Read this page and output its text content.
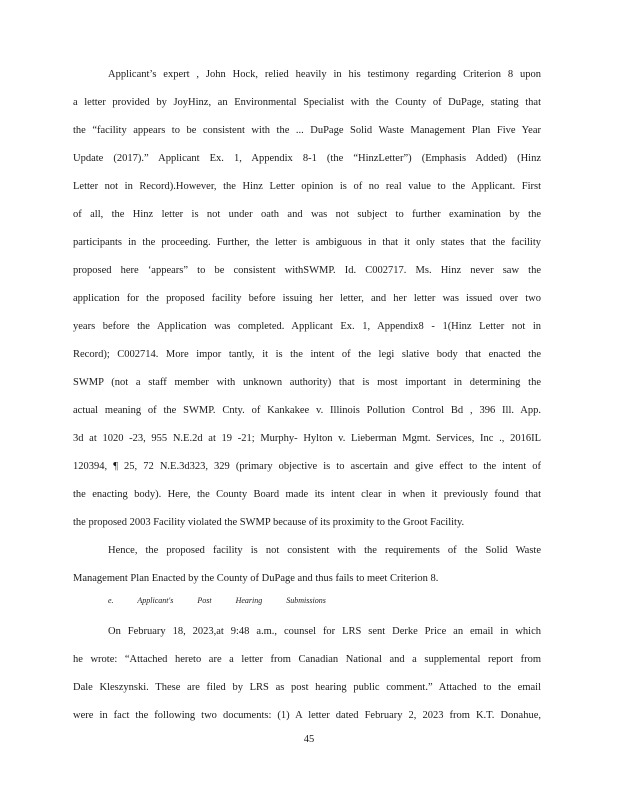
Applicant’s expert , John Hock, relied heavily in his testimony regarding Criterion 8 upon
a letter provided by JoyHinz, an Environmental Specialist with the County of DuPage, stating that
the “facility appears to be consistent with the ... DuPage Solid Waste Management Plan Five Year
Update (2017).” Applicant Ex. 1, Appendix 8-1 (the “HinzLetter”) (Emphasis Added) (Hinz
Letter not in Record).However, the Hinz Letter opinion is of no real value to the Applicant. First
of all, the Hinz letter is not under oath and was not subject to further examination by the
participants in the proceeding. Further, the letter is ambiguous in that it only states that the facility
proposed here ‘appears” to be consistent withSWMP. Id. C002717. Ms. Hinz never saw the
application for the proposed facility before issuing her letter, and her letter was issued over two
years before the Application was completed. Applicant Ex. 1, Appendix8 - 1(Hinz Letter not in
Record); C002714. More impor tantly, it is the intent of the legi slative body that enacted the
SWMP (not a staff member with unknown authority) that is most important in determining the
actual meaning of the SWMP. Cnty. of Kankakee v. Illinois Pollution Control Bd , 396 Ill. App.
3d at 1020 -23, 955 N.E.2d at 19 -21; Murphy- Hylton v. Lieberman Mgmt. Services, Inc ., 2016IL
120394, ¶ 25, 72 N.E.3d323, 329 (primary objective is to ascertain and give effect to the intent of
the enacting body). Here, the County Board made its intent clear in when it previously found that
the proposed 2003 Facility violated the SWMP because of its proximity to the Groot Facility.
Hence, the proposed facility is not consistent with the requirements of the Solid Waste
Management Plan Enacted by the County of DuPage and thus fails to meet Criterion 8.
e.	Applicant's	Post	Hearing	Submissions
On February 18, 2023,at 9:48 a.m., counsel for LRS sent Derke Price an email in which
he wrote: “Attached hereto are a letter from Canadian National and a supplemental report from
Dale Kleszynski. These are filed by LRS as post hearing public comment.” Attached to the email
were in fact the following two documents: (1) A letter dated February 2, 2023 from K.T. Donahue,
45
